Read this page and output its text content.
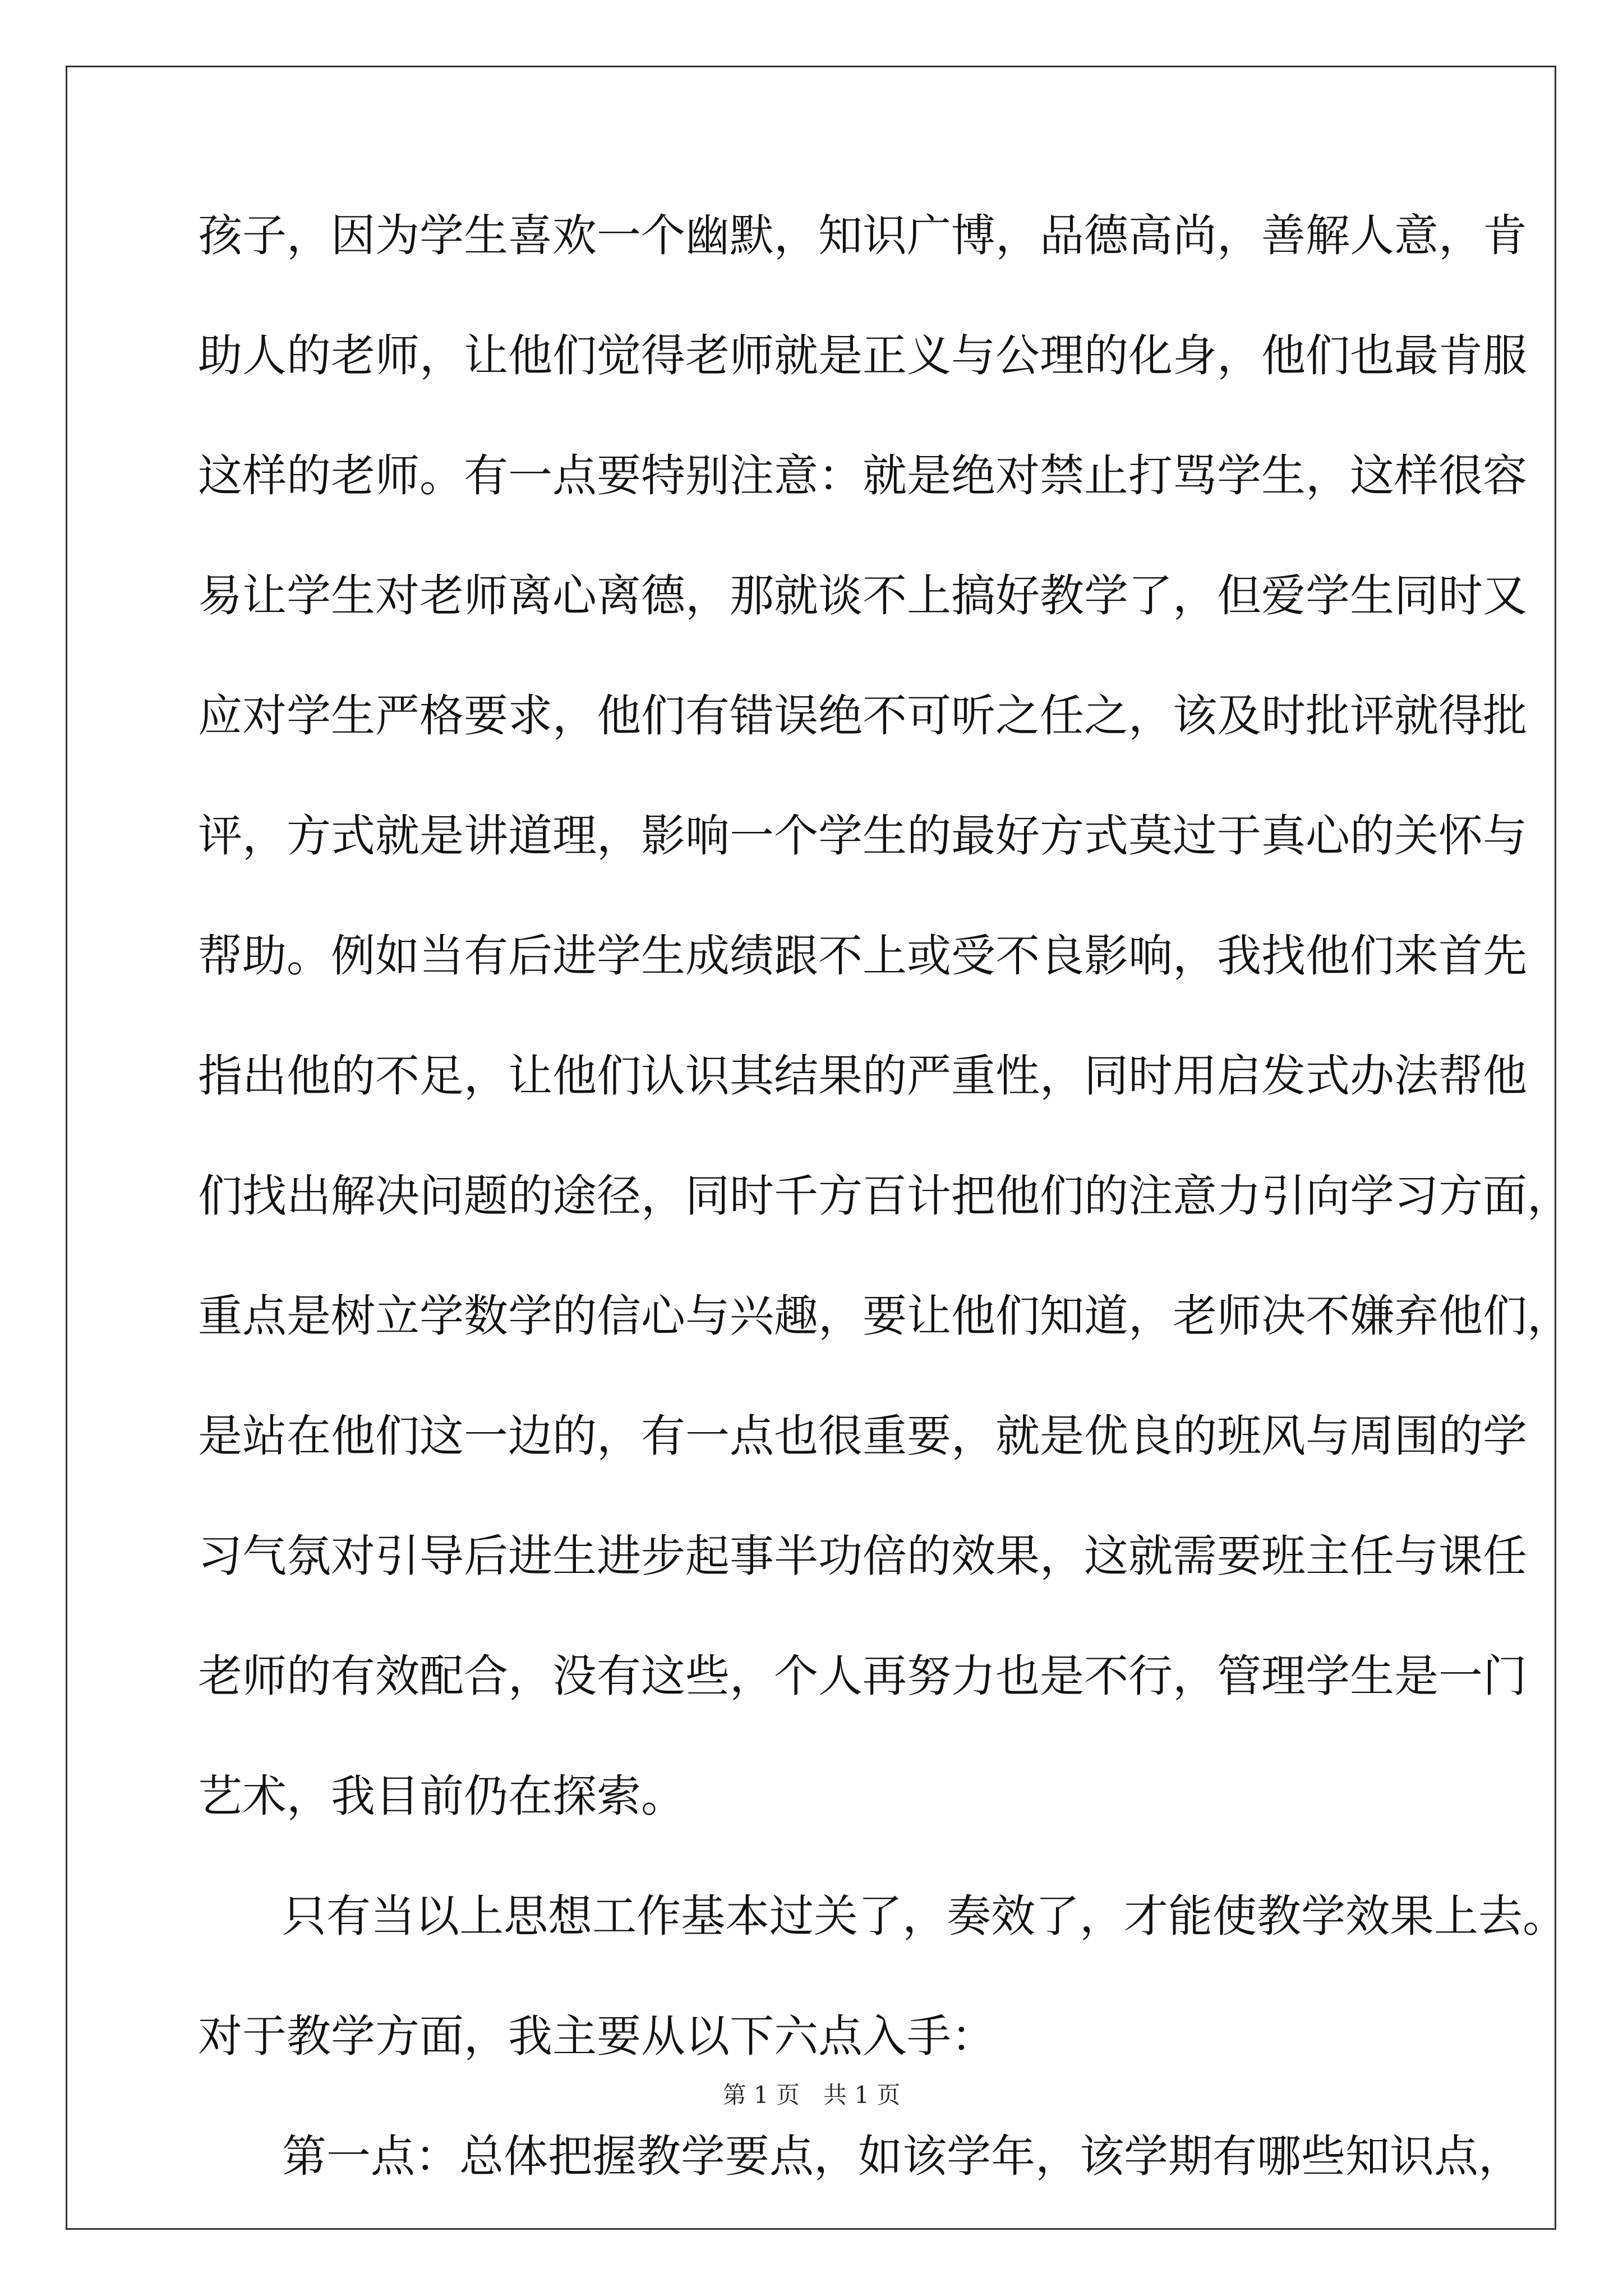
孩子，因为学生喜欢一个幽默，知识广博，品德高尚，善解人意，肯
助人的老师，让他们觉得老师就是正义与公理的化身，他们也最肯服
这样的老师。有一点要特别注意：就是绝对禁止打骂学生，这样很容
易让学生对老师离心离德，那就谈不上搞好教学了，但爱学生同时又
应对学生严格要求，他们有错误绝不可听之任之，该及时批评就得批
评，方式就是讲道理，影响一个学生的最好方式莫过于真心的关怀与
帮助。例如当有后进学生成绩跟不上或受不良影响，我找他们来首先
指出他的不足，让他们认识其结果的严重性，同时用启发式办法帮他
们找出解决问题的途径，同时千方百计把他们的注意力引向学习方面，
重点是树立学数学的信心与兴趣，要让他们知道，老师决不嫌弃他们，
是站在他们这一边的，有一点也很重要，就是优良的班风与周围的学
习气氛对引导后进生进步起事半功倍的效果，这就需要班主任与课任
老师的有效配合，没有这些，个人再努力也是不行，管理学生是一门
艺术，我目前仍在探索。
只有当以上思想工作基本过关了，奏效了，才能使教学效果上去。
对于教学方面，我主要从以下六点入手：
第一点：总体把握教学要点，如该学年，该学期有哪些知识点，
第 1 页　共 1 页
